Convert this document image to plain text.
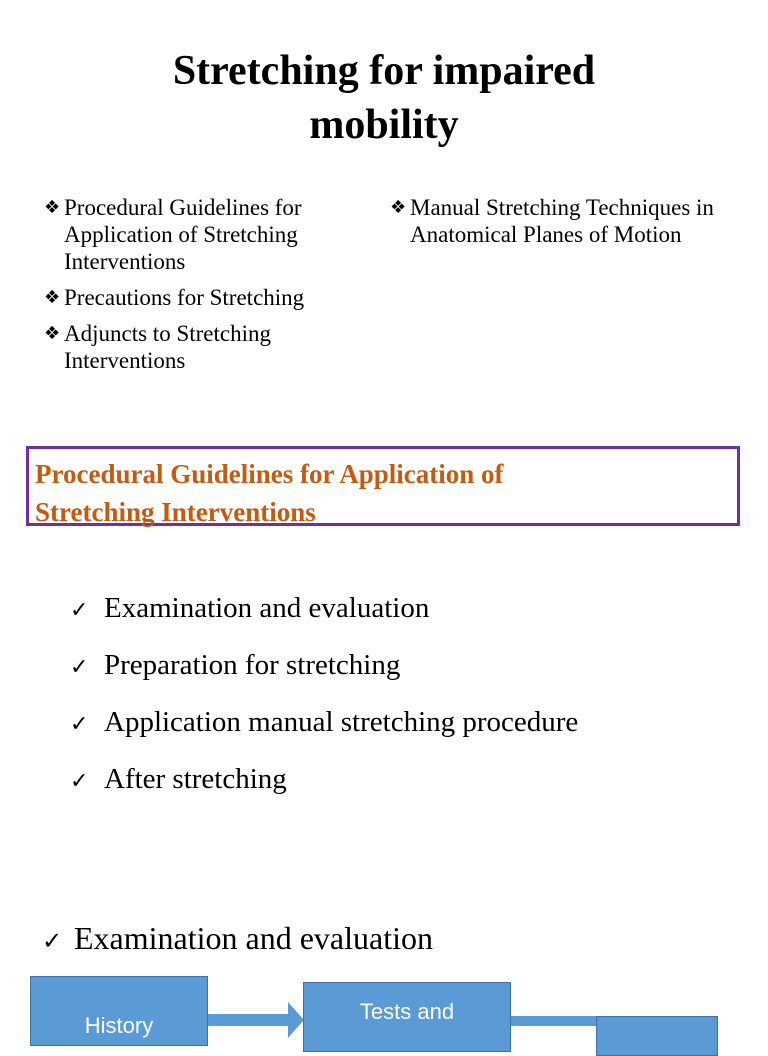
Stretching for impaired
mobility
❖ Procedural Guidelines for Application of Stretching Interventions
❖ Precautions for Stretching
❖ Adjuncts to Stretching Interventions
❖ Manual Stretching Techniques in Anatomical Planes of Motion
Procedural Guidelines for Application of
Stretching Interventions
✓ Examination and evaluation
✓ Preparation for stretching
✓ Application manual stretching procedure
✓ After stretching
✓ Examination and evaluation
History
Tests and
